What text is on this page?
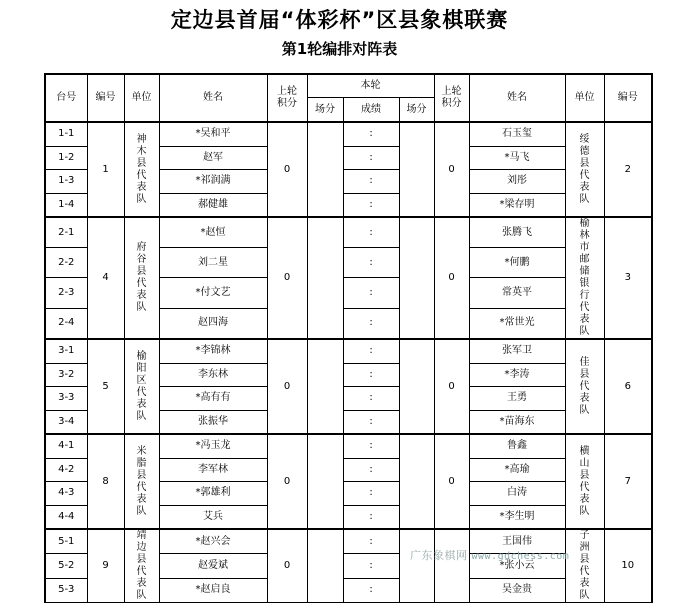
定边县首届“体彩杯”区县象棋联赛
第1轮编排对阵表
台号	编号	单位	姓名	上轮积分	本轮			上轮积分	姓名	单位	编号
					场分	成绩	场分				
1-1	1	神木县代表队	*吴和平	0		:		0	石玉玺	绥德县代表队	2
1-2			赵军			:			*马飞		
1-3			*祁润满			:			刘彤		
1-4			郝健雄			:			*梁存明		
2-1	4	府谷县代表队	*赵恒	0		:		0	张腾飞	榆林市邮储银行代表队	3
2-2			刘二星			:			*何鹏		
2-3			*付文艺			:			常英平		
2-4			赵四海			:			*常世光		
3-1	5	榆阳区代表队	*李锦林	0		:		0	张军卫	佳县代表队	6
3-2			李东林			:			*李涛		
3-3			*高有有			:			王勇		
3-4			张振华			:			*苗海东		
4-1	8	米脂县代表队	*冯玉龙	0		:		0	鲁鑫	横山县代表队	7
4-2			李军林			:			*高瑜		
4-3			*郭雄利			:			白涛		
4-4			艾兵			:			*李生明		
5-1	9	靖边县代表队	*赵兴会	0		:			王国伟	子洲县代表队	10
5-2			赵爱斌			:			*张小云		
5-3			*赵启良			:			吴金贵		
广东象棋网 www.gdchess.com
